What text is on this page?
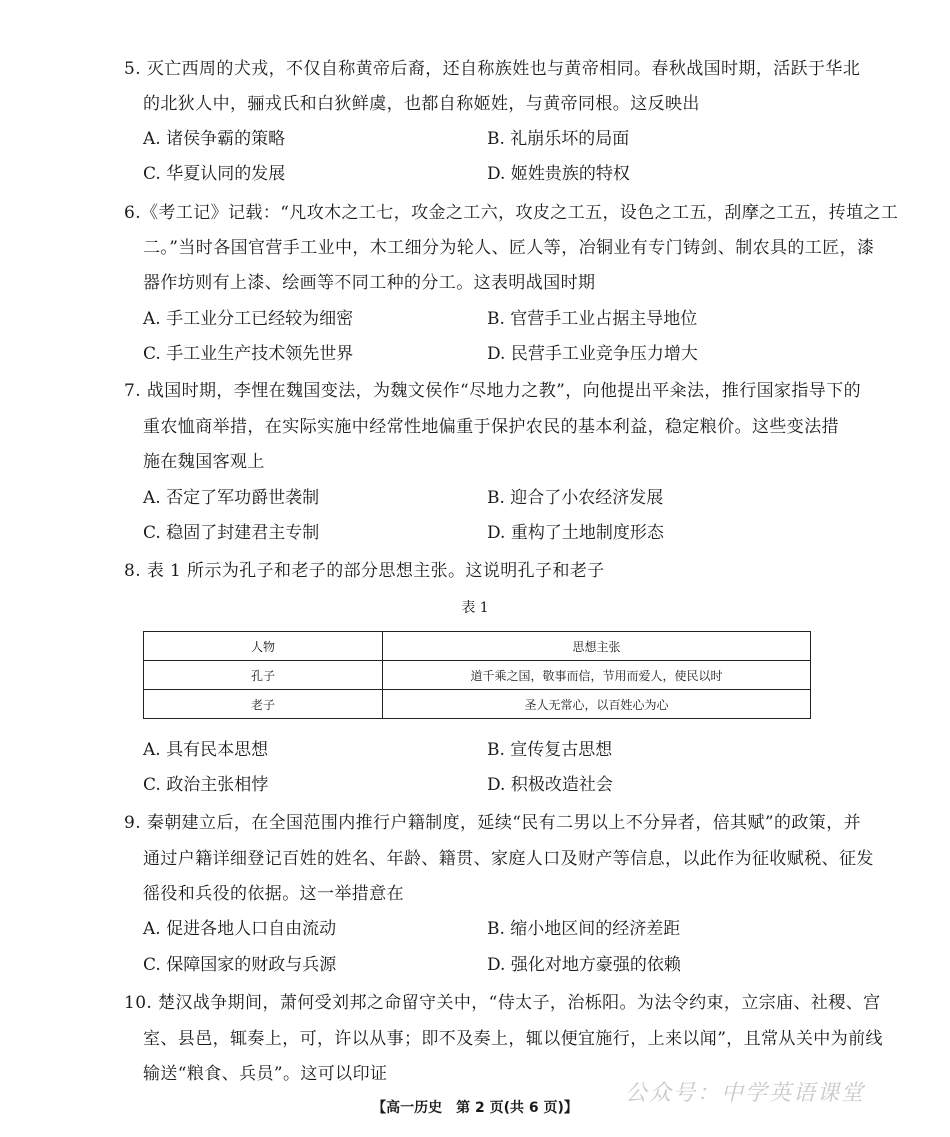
5. 灭亡西周的犬戎，不仅自称黄帝后裔，还自称族姓也与黄帝相同。春秋战国时期，活跃于华北
的北狄人中，骊戎氏和白狄鲜虞，也都自称姬姓，与黄帝同根。这反映出
A. 诸侯争霸的策略	B. 礼崩乐坏的局面
C. 华夏认同的发展	D. 姬姓贵族的特权
6.《考工记》记载：“凡攻木之工七，攻金之工六，攻皮之工五，设色之工五，刮摩之工五，抟埴之工
二。”当时各国官营手工业中，木工细分为轮人、匠人等，冶铜业有专门铸剑、制农具的工匠，漆
器作坊则有上漆、绘画等不同工种的分工。这表明战国时期
A. 手工业分工已经较为细密	B. 官营手工业占据主导地位
C. 手工业生产技术领先世界	D. 民营手工业竞争压力增大
7. 战国时期，李悝在魏国变法，为魏文侯作“尽地力之教”，向他提出平籴法，推行国家指导下的
重农恤商举措，在实际实施中经常性地偏重于保护农民的基本利益，稳定粮价。这些变法措
施在魏国客观上
A. 否定了军功爵世袭制	B. 迎合了小农经济发展
C. 稳固了封建君主专制	D. 重构了土地制度形态
8. 表 1 所示为孔子和老子的部分思想主张。这说明孔子和老子
表 1
人物	思想主张
孔子	道千乘之国，敬事而信，节用而爱人，使民以时
老子	圣人无常心，以百姓心为心
A. 具有民本思想	B. 宣传复古思想
C. 政治主张相悖	D. 积极改造社会
9. 秦朝建立后，在全国范围内推行户籍制度，延续“民有二男以上不分异者，倍其赋”的政策，并
通过户籍详细登记百姓的姓名、年龄、籍贯、家庭人口及财产等信息，以此作为征收赋税、征发
徭役和兵役的依据。这一举措意在
A. 促进各地人口自由流动	B. 缩小地区间的经济差距
C. 保障国家的财政与兵源	D. 强化对地方豪强的依赖
10. 楚汉战争期间，萧何受刘邦之命留守关中，“侍太子，治栎阳。为法令约束，立宗庙、社稷、宫
室、县邑，辄奏上，可，许以从事；即不及奏上，辄以便宜施行，上来以闻”，且常从关中为前线
输送“粮食、兵员”。这可以印证
公众号：中学英语课堂
【高一历史　第 2 页(共 6 页)】
